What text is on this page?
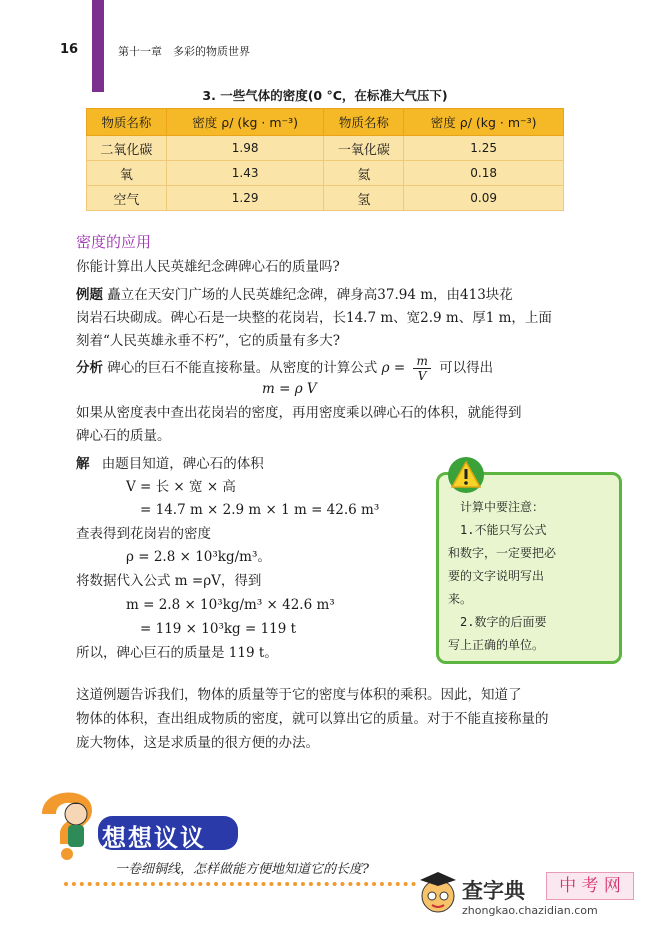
16	第十一章　多彩的物质世界
3. 一些气体的密度(0 °C，在标准大气压下)
物质名称	密度 ρ/ (kg · m⁻³)	物质名称	密度 ρ/ (kg · m⁻³)
二氧化碳	1.98	一氧化碳	1.25
氧	1.43	氦	0.18
空气	1.29	氢	0.09
密度的应用
你能计算出人民英雄纪念碑碑心石的质量吗?
例题 矗立在天安门广场的人民英雄纪念碑，碑身高37.94 m，由413块花
岗岩石块砌成。碑心石是一块整的花岗岩，长14.7 m、宽2.9 m、厚1 m，上面
刻着“人民英雄永垂不朽”，它的质量有多大?
分析 碑心的巨石不能直接称量。从密度的计算公式 $\rho = \frac{m}{V}$ 可以得出
m = ρ V
如果从密度表中查出花岗岩的密度，再用密度乘以碑心石的体积，就能得到
碑心石的质量。
解 由题目知道，碑心石的体积
V = 长 × 宽 × 高
= 14.7 m × 2.9 m × 1 m = 42.6 m³
查表得到花岗岩的密度
ρ = 2.8 × 10³kg/m³。
将数据代入公式 m =ρV，得到
m = 2.8 × 10³kg/m³ × 42.6 m³
= 119 × 10³kg = 119 t
所以，碑心巨石的质量是 119 t。
计算中要注意：
　1.不能只写公式
和数字，一定要把必
要的文字说明写出
来。
　2.数字的后面要
写上正确的单位。
这道例题告诉我们，物体的质量等于它的密度与体积的乘积。因此，知道了
物体的体积，查出组成物质的密度，就可以算出它的质量。对于不能直接称量的
庞大物体，这是求质量的很方便的办法。
想想议议
一卷细铜线，怎样做能方便地知道它的长度?
查字典	中 考 网
zhongkao.chazidian.com
